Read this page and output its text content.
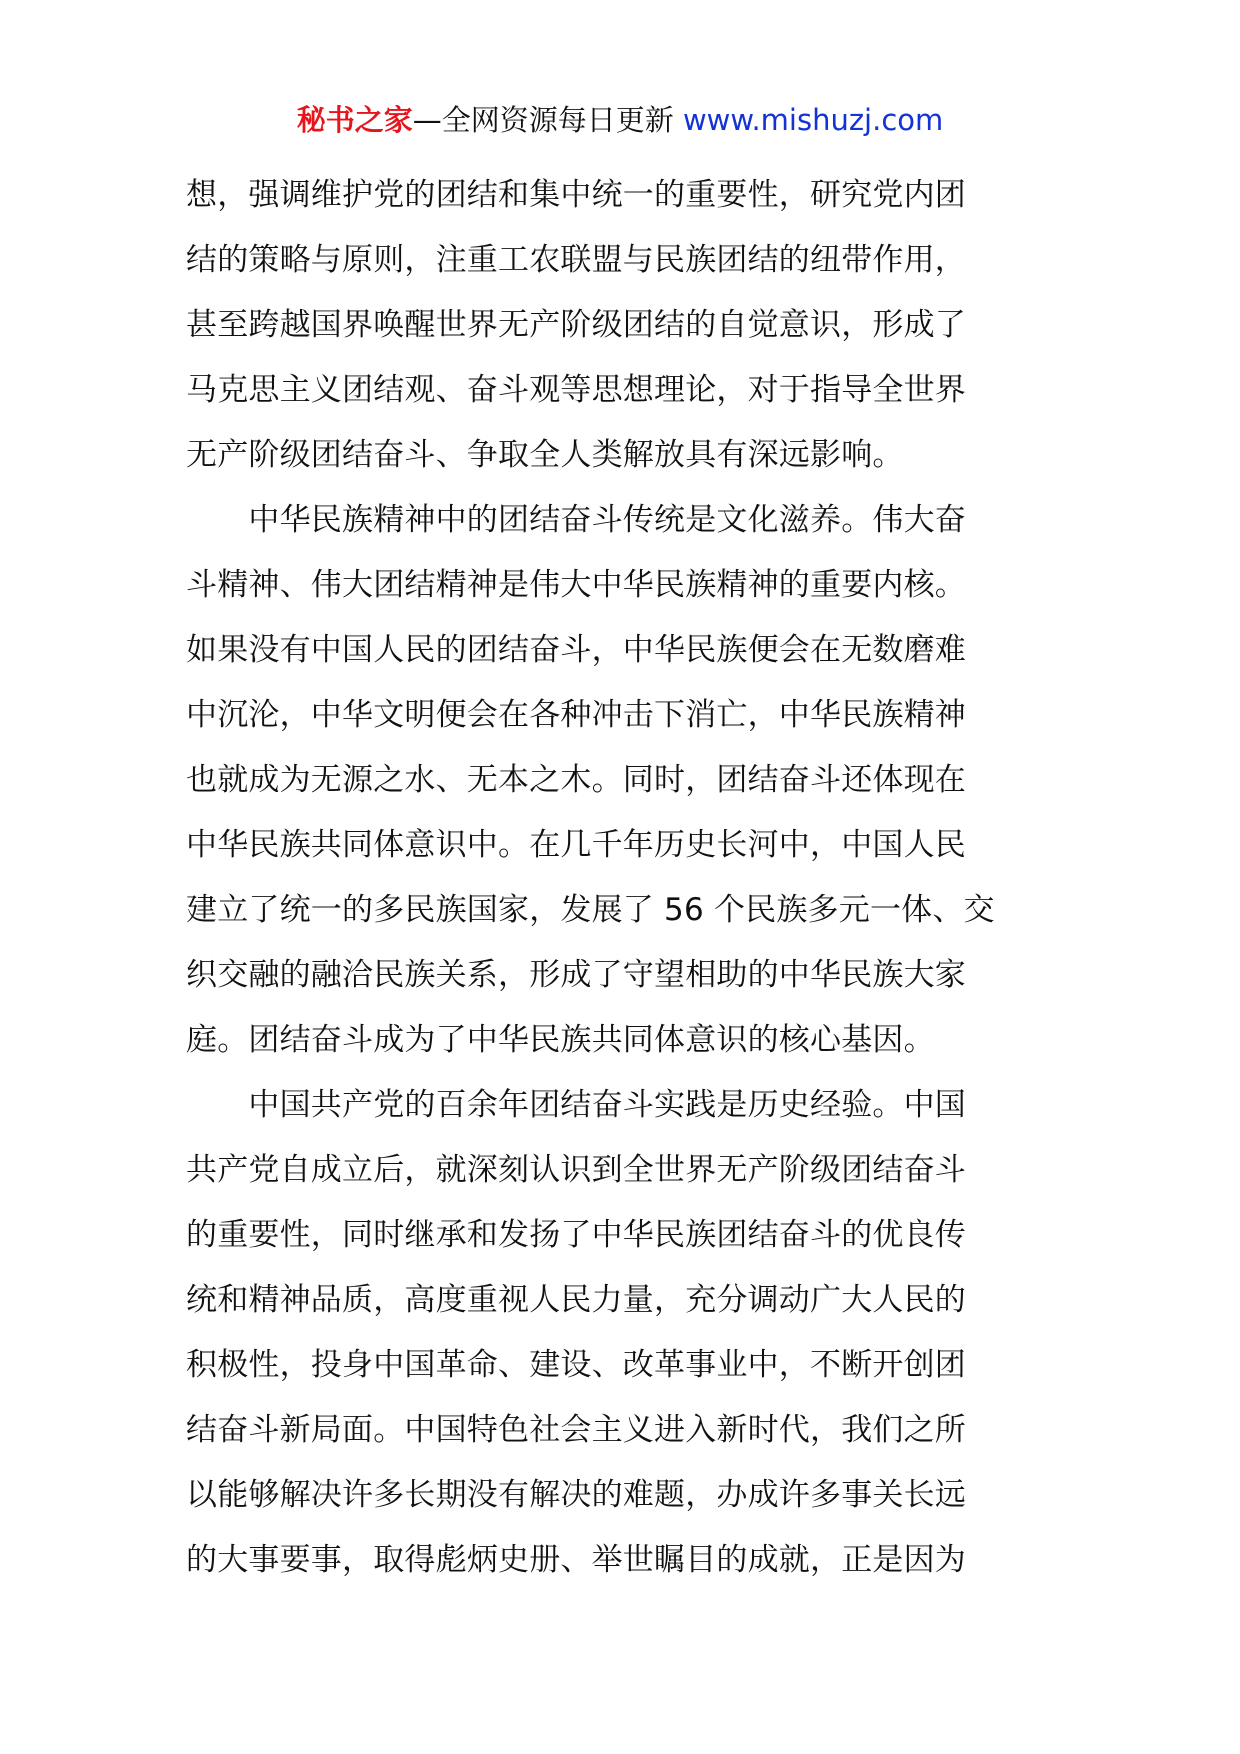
秘书之家—全网资源每日更新 www.mishuzj.com
想，强调维护党的团结和集中统一的重要性，研究党内团
结的策略与原则，注重工农联盟与民族团结的纽带作用，
甚至跨越国界唤醒世界无产阶级团结的自觉意识，形成了
马克思主义团结观、奋斗观等思想理论，对于指导全世界
无产阶级团结奋斗、争取全人类解放具有深远影响。
　　中华民族精神中的团结奋斗传统是文化滋养。伟大奋
斗精神、伟大团结精神是伟大中华民族精神的重要内核。
如果没有中国人民的团结奋斗，中华民族便会在无数磨难
中沉沦，中华文明便会在各种冲击下消亡，中华民族精神
也就成为无源之水、无本之木。同时，团结奋斗还体现在
中华民族共同体意识中。在几千年历史长河中，中国人民
建立了统一的多民族国家，发展了 56 个民族多元一体、交
织交融的融洽民族关系，形成了守望相助的中华民族大家
庭。团结奋斗成为了中华民族共同体意识的核心基因。
　　中国共产党的百余年团结奋斗实践是历史经验。中国
共产党自成立后，就深刻认识到全世界无产阶级团结奋斗
的重要性，同时继承和发扬了中华民族团结奋斗的优良传
统和精神品质，高度重视人民力量，充分调动广大人民的
积极性，投身中国革命、建设、改革事业中，不断开创团
结奋斗新局面。中国特色社会主义进入新时代，我们之所
以能够解决许多长期没有解决的难题，办成许多事关长远
的大事要事，取得彪炳史册、举世瞩目的成就，正是因为
